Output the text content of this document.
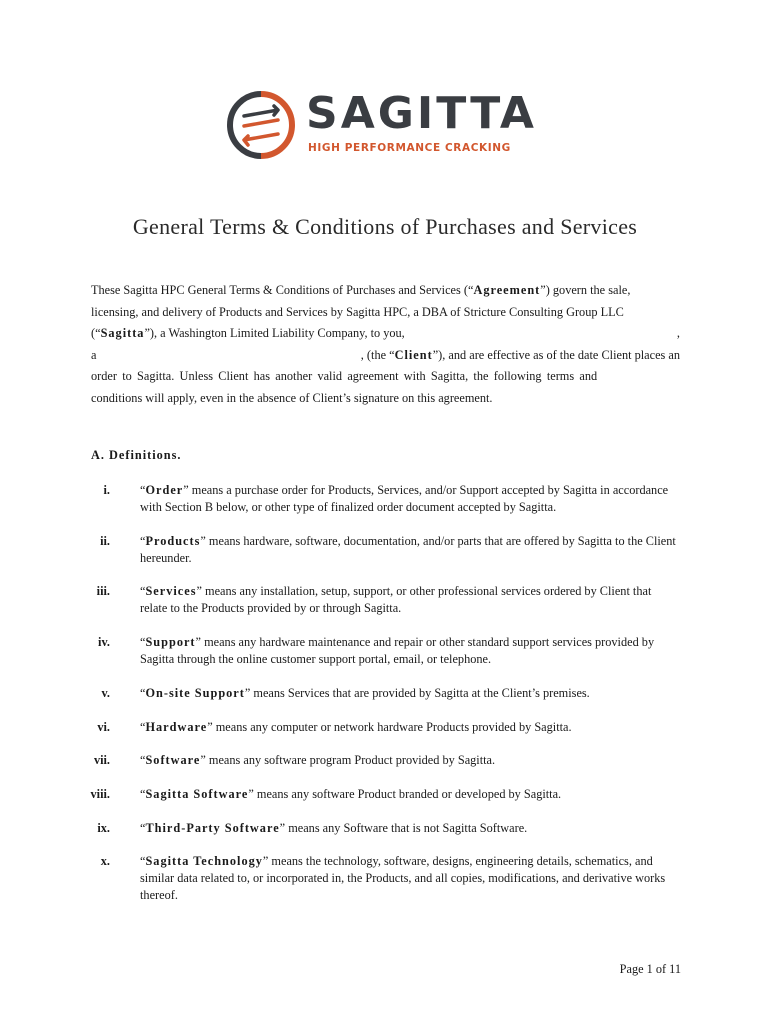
SAGITTA
HIGH PERFORMANCE CRACKING
General Terms & Conditions of Purchases and Services
These Sagitta HPC General Terms & Conditions of Purchases and Services (“Agreement”) govern the sale,
licensing, and delivery of Products and Services by Sagitta HPC, a DBA of Stricture Consulting Group LLC
(“Sagitta”), a Washington Limited Liability Company, to you,	,
a	, (the “Client”), and are effective as of the date Client places an
order to Sagitta. Unless Client has another valid agreement with Sagitta, the following terms and
conditions will apply, even in the absence of Client’s signature on this agreement.
A. Definitions.
i. “Order” means a purchase order for Products, Services, and/or Support accepted by Sagitta in accordance with Section B below, or other type of finalized order document accepted by Sagitta.
ii. “Products” means hardware, software, documentation, and/or parts that are offered by Sagitta to the Client hereunder.
iii. “Services” means any installation, setup, support, or other professional services ordered by Client that relate to the Products provided by or through Sagitta.
iv. “Support” means any hardware maintenance and repair or other standard support services provided by Sagitta through the online customer support portal, email, or telephone.
v. “On-site Support” means Services that are provided by Sagitta at the Client’s premises.
vi. “Hardware” means any computer or network hardware Products provided by Sagitta.
vii. “Software” means any software program Product provided by Sagitta.
viii. “Sagitta Software” means any software Product branded or developed by Sagitta.
ix. “Third-Party Software” means any Software that is not Sagitta Software.
x. “Sagitta Technology” means the technology, software, designs, engineering details, schematics, and similar data related to, or incorporated in, the Products, and all copies, modifications, and derivative works thereof.
Page 1 of 11
